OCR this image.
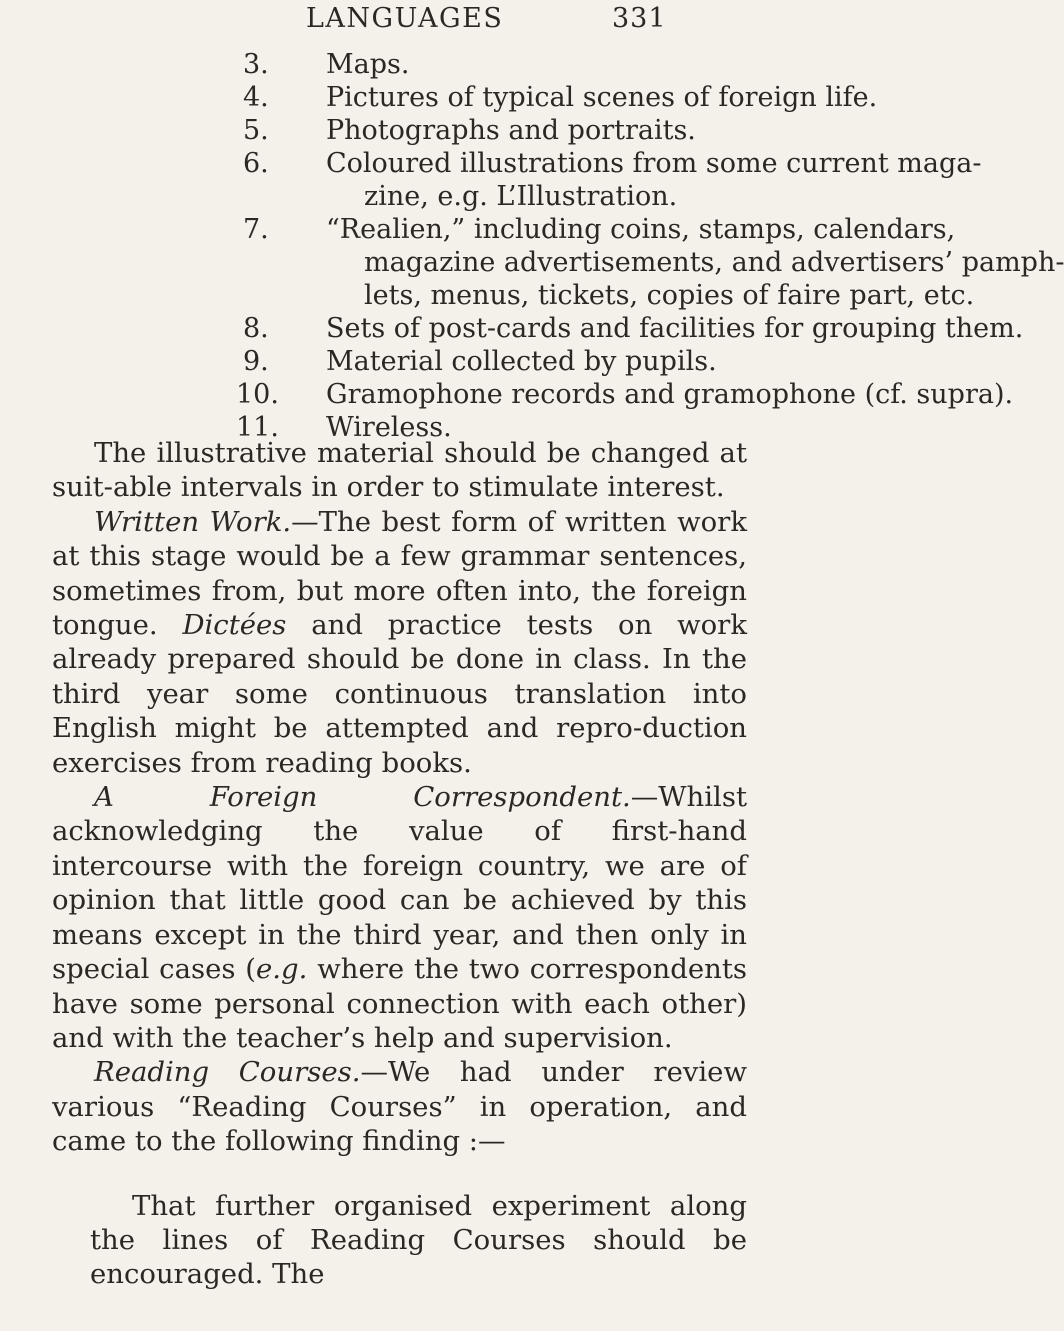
LANGUAGES	331
3. Maps.
4. Pictures of typical scenes of foreign life.
5. Photographs and portraits.
6. Coloured illustrations from some current maga-
zine, e.g. L’Illustration.
7. “Realien,” including coins, stamps, calendars,
magazine advertisements, and advertisers’ pamph-
lets, menus, tickets, copies of faire part, etc.
8. Sets of post-cards and facilities for grouping them.
9. Material collected by pupils.
10. Gramophone records and gramophone (cf. supra).
11. Wireless.

The illustrative material should be changed at suit-able intervals in order to stimulate interest.

Written Work.—The best form of written work at this stage would be a few grammar sentences, sometimes from, but more often into, the foreign tongue. Dictées and practice tests on work already prepared should be done in class. In the third year some continuous translation into English might be attempted and repro-duction exercises from reading books.

A Foreign Correspondent.—Whilst acknowledging the value of first-hand intercourse with the foreign country, we are of opinion that little good can be achieved by this means except in the third year, and then only in special cases (e.g. where the two correspondents have some personal connection with each other) and with the teacher’s help and supervision.

Reading Courses.—We had under review various “Reading Courses” in operation, and came to the following finding :—

That further organised experiment along the lines of Reading Courses should be encouraged. The
